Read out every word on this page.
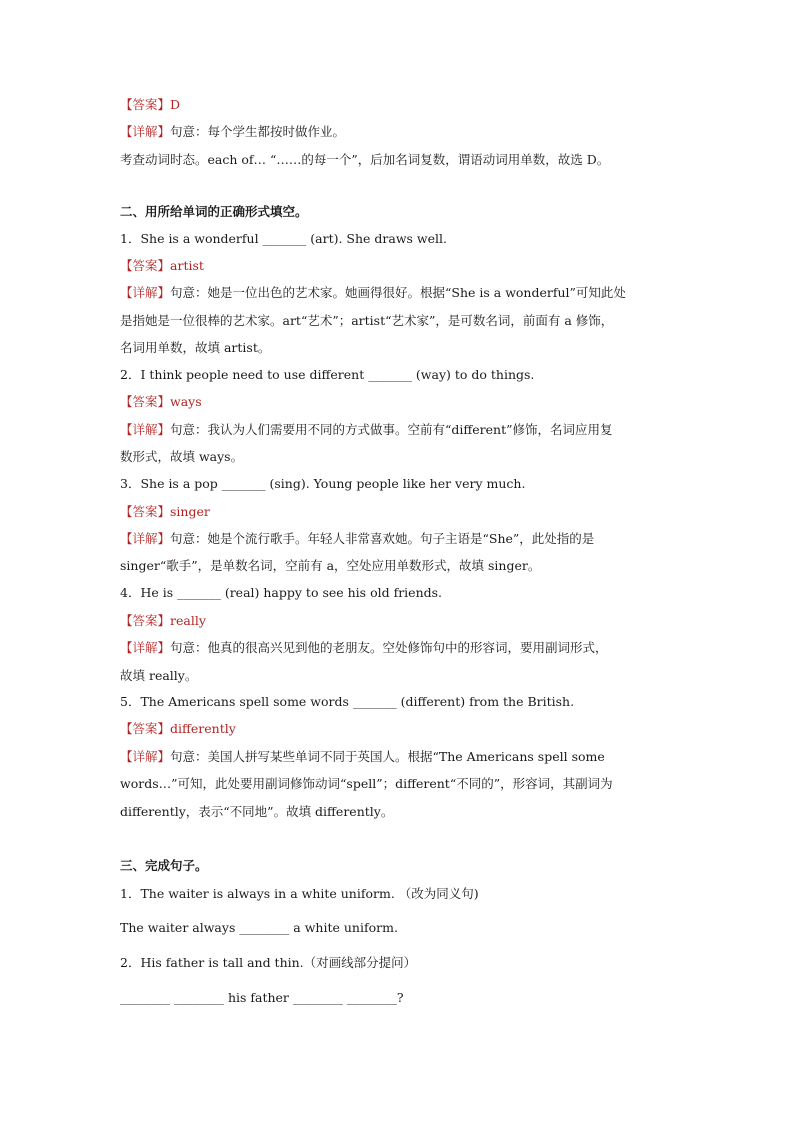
【答案】D
【详解】句意：每个学生都按时做作业。
考查动词时态。each of… “……的每一个”，后加名词复数，谓语动词用单数，故选 D。
二、用所给单词的正确形式填空。
1．She is a wonderful _______ (art). She draws well.
【答案】artist
【详解】句意：她是一位出色的艺术家。她画得很好。根据“She is a wonderful”可知此处
是指她是一位很棒的艺术家。art“艺术”；artist“艺术家”，是可数名词，前面有 a 修饰，
名词用单数，故填 artist。
2．I think people need to use different _______ (way) to do things.
【答案】ways
【详解】句意：我认为人们需要用不同的方式做事。空前有“different”修饰，名词应用复
数形式，故填 ways。
3．She is a pop _______ (sing). Young people like her very much.
【答案】singer
【详解】句意：她是个流行歌手。年轻人非常喜欢她。句子主语是“She”，此处指的是
singer“歌手”，是单数名词，空前有 a，空处应用单数形式，故填 singer。
4．He is _______ (real) happy to see his old friends.
【答案】really
【详解】句意：他真的很高兴见到他的老朋友。空处修饰句中的形容词，要用副词形式，
故填 really。
5．The Americans spell some words _______ (different) from the British.
【答案】differently
【详解】句意：美国人拼写某些单词不同于英国人。根据“The Americans spell some
words…”可知，此处要用副词修饰动词“spell”；different“不同的”，形容词，其副词为
differently，表示“不同地”。故填 differently。
三、完成句子。
1．The waiter is always in a white uniform. （改为同义句)
The waiter always ________ a white uniform.
2．His father is tall and thin.（对画线部分提问）
________ ________ his father ________ ________?
